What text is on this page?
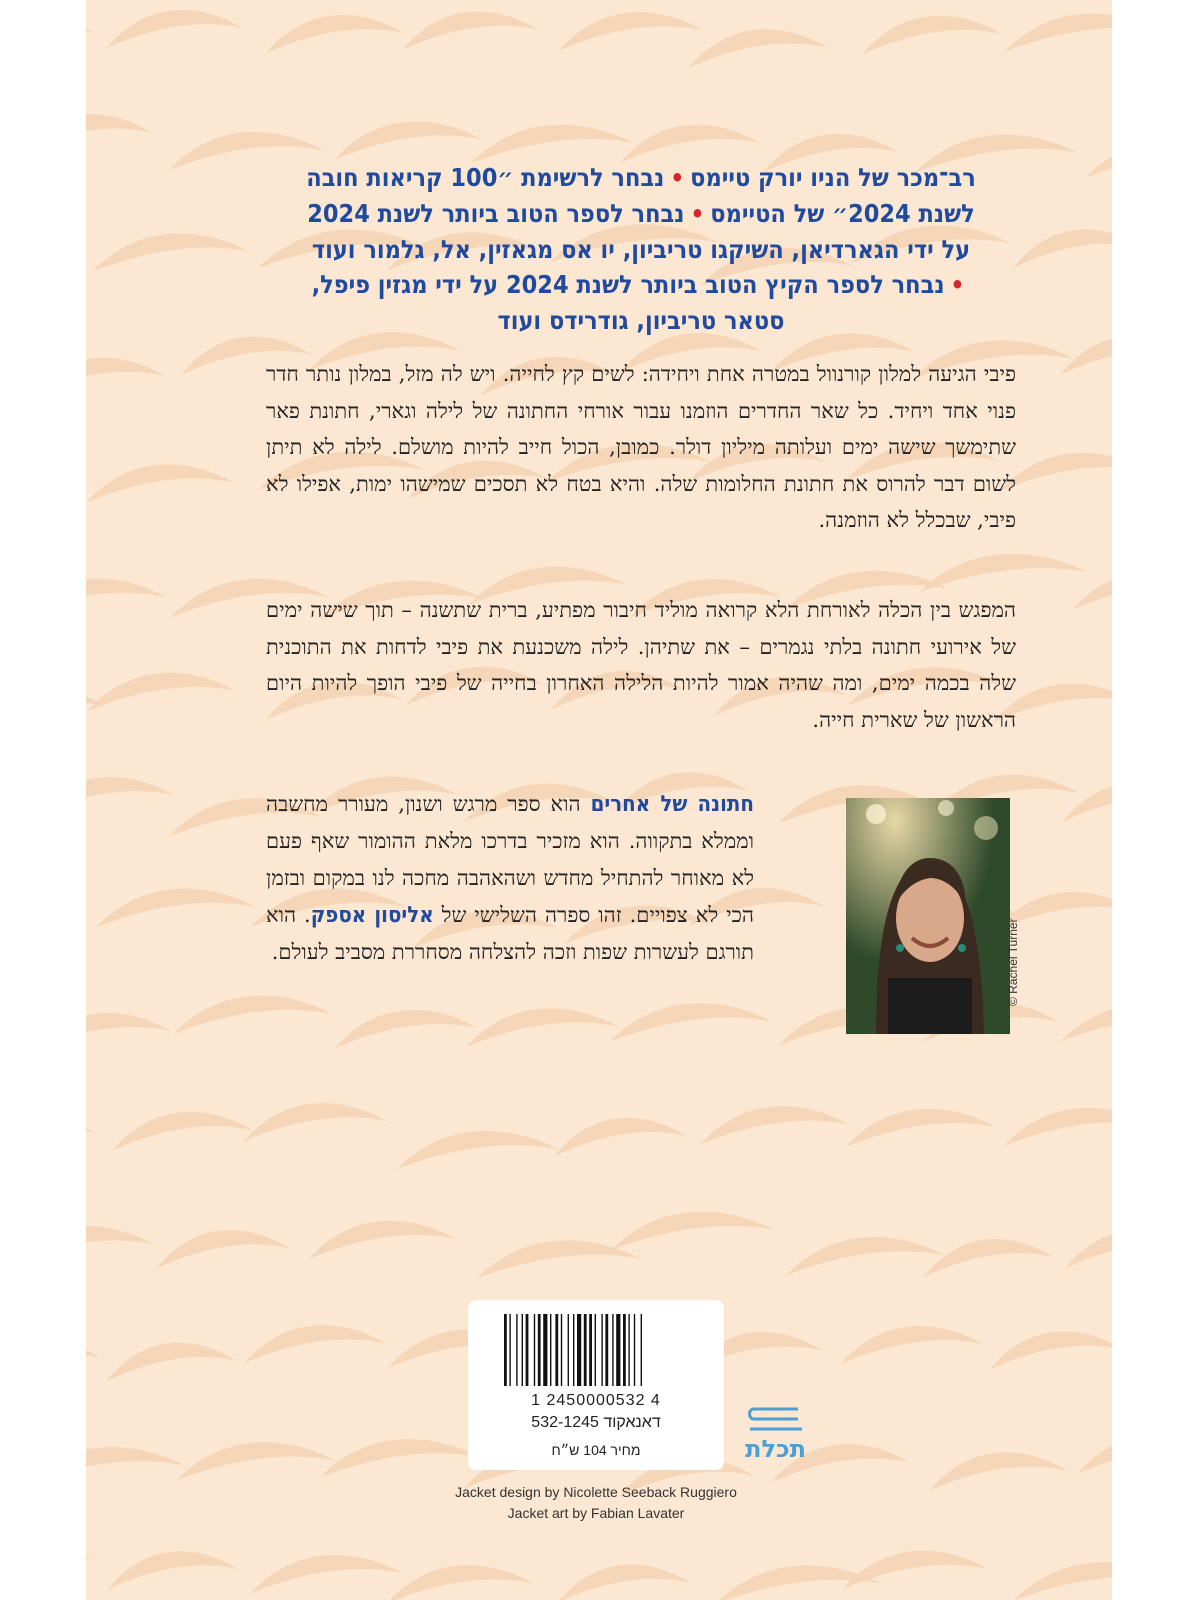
רב־מכר של הניו יורק טיימס•נבחר לרשימת ״100 קריאות חובה
לשנת 2024״ של הטיימס•נבחר לספר הטוב ביותר לשנת 2024
על ידי הגארדיאן, השיקגו טריביון, יו אס מגאזין, אל, גלמור ועוד
•נבחר לספר הקיץ הטוב ביותר לשנת 2024 על ידי מגזין פיפל,
סטאר טריביון, גודרידס ועוד
פיבי הגיעה למלון קורנוול במטרה אחת ויחידה: לשים קץ לחייה. ויש לה מזל, במלון נותר חדר פנוי אחד ויחיד. כל שאר החדרים הוזמנו עבור אורחי החתונה של לילה וגארי, חתונת פאר שתימשך שישה ימים ועלותה מיליון דולר. כמובן, הכול חייב להיות מושלם. לילה לא תיתן לשום דבר להרוס את חתונת החלומות שלה. והיא בטח לא תסכים שמישהו ימות, אפילו לא פיבי, שבכלל לא הוזמנה.
המפגש בין הכלה לאורחת הלא קרואה מוליד חיבור מפתיע, ברית שתשנה – תוך שישה ימים של אירועי חתונה בלתי נגמרים – את שתיהן. לילה משכנעת את פיבי לדחות את התוכנית שלה בכמה ימים, ומה שהיה אמור להיות הלילה האחרון בחייה של פיבי הופך להיות היום הראשון של שארית חייה.
חתונה של אחרים הוא ספר מרגש ושנון, מעורר מחשבה וממלא בתקווה. הוא מזכיר בדרכו מלאת ההומור שאף פעם לא מאוחר להתחיל מחדש ושהאהבה מחכה לנו במקום ובזמן הכי לא צפויים. זהו ספרה השלישי של אליסון אספק. הוא תורגם לעשרות שפות וזכה להצלחה מסחררת מסביב לעולם.	© Rachel Turner
1 2450000532 4
דאנאקוד 532-1245
מחיר 104 ש״ח	תכלת
Jacket design by Nicolette Seeback Ruggiero
Jacket art by Fabian Lavater
